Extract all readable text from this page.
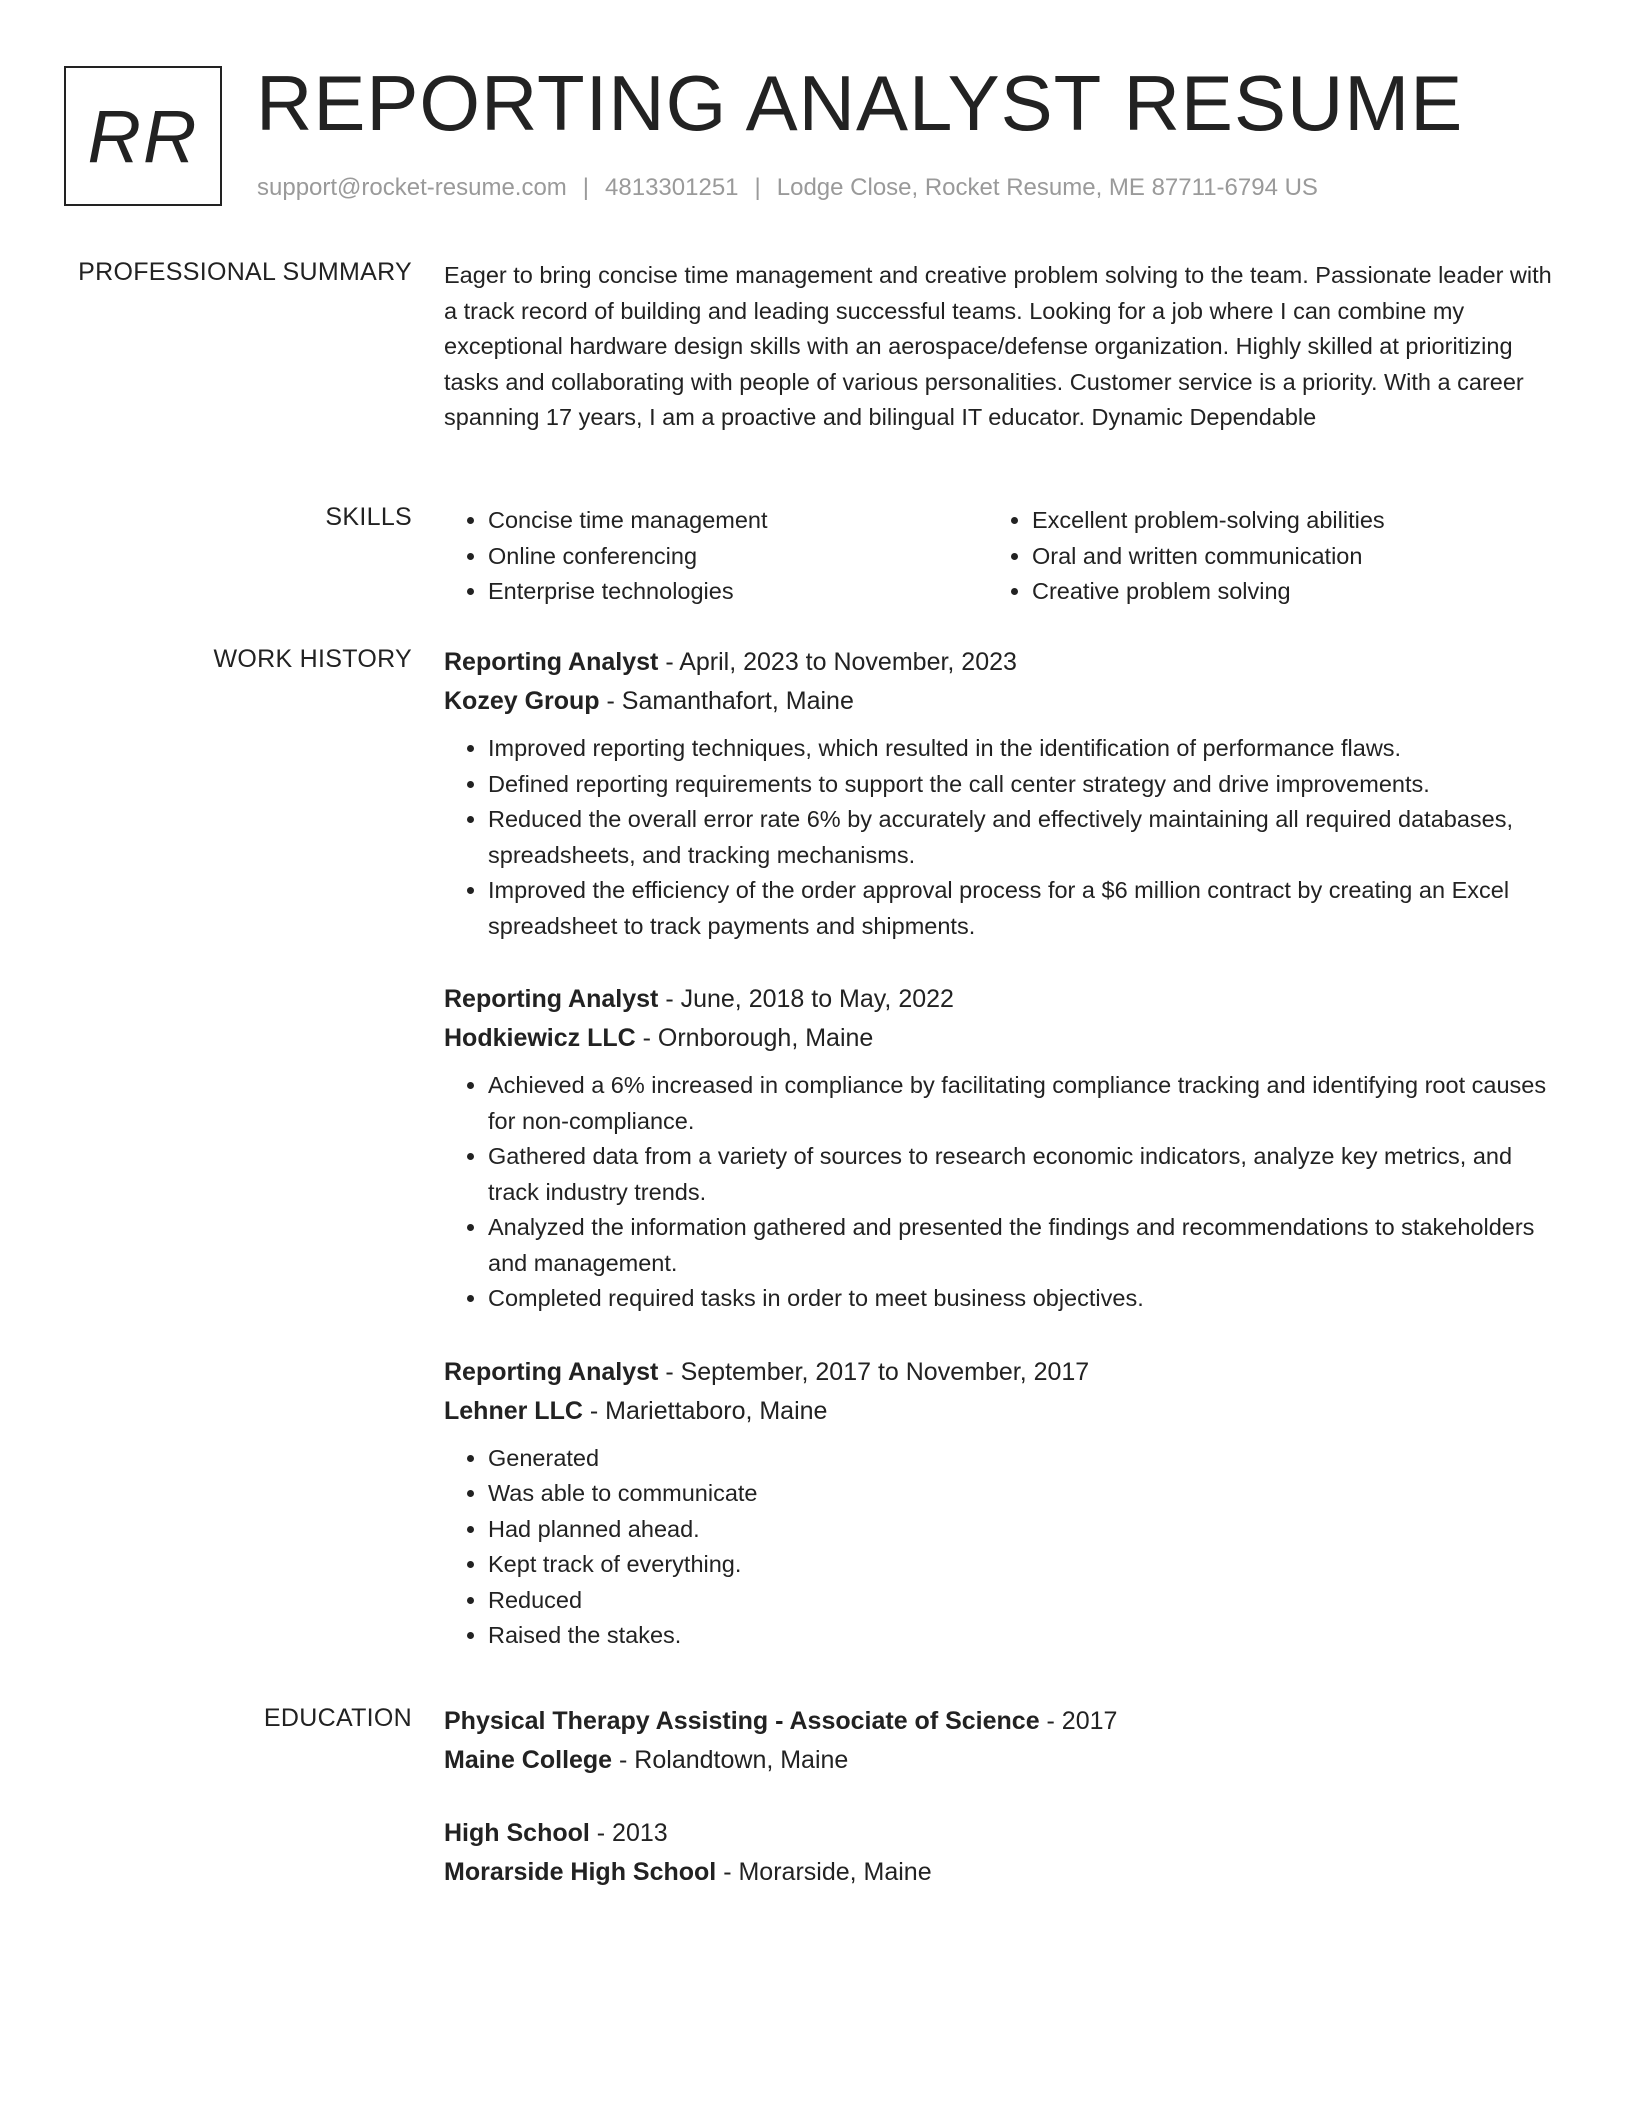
RR REPORTING ANALYST RESUME
support@rocket-resume.com | 4813301251 | Lodge Close, Rocket Resume, ME 87711-6794 US
PROFESSIONAL SUMMARY Eager to bring concise time management and creative problem solving to the team. Passionate leader with a track record of building and leading successful teams. Looking for a job where I can combine my exceptional hardware design skills with an aerospace/defense organization. Highly skilled at prioritizing tasks and collaborating with people of various personalities. Customer service is a priority. With a career spanning 17 years, I am a proactive and bilingual IT educator. Dynamic Dependable

SKILLS
•	Concise time management
• Online conferencing
• Enterprise technologies
• Excellent problem-solving abilities
• Oral and written communication
• Creative problem solving
WORK HISTORY Reporting Analyst - April, 2023 to November, 2023
Kozey Group - Samanthafort, Maine
• Improved reporting techniques, which resulted in the identification of performance flaws.
• Defined reporting requirements to support the call center strategy and drive improvements.
• Reduced the overall error rate 6% by accurately and effectively maintaining all required databases, spreadsheets, and tracking mechanisms.
• Improved the efficiency of the order approval process for a $6 million contract by creating an Excel spreadsheet to track payments and shipments.
Reporting Analyst - June, 2018 to May, 2022
Hodkiewicz LLC - Ornborough, Maine
• Achieved a 6% increased in compliance by facilitating compliance tracking and identifying root causes for non-compliance.
• Gathered data from a variety of sources to research economic indicators, analyze key metrics, and track industry trends.
• Analyzed the information gathered and presented the findings and recommendations to stakeholders and management.
• Completed required tasks in order to meet business objectives.
Reporting Analyst - September, 2017 to November, 2017
Lehner LLC - Mariettaboro, Maine
• Generated
• Was able to communicate
• Had planned ahead.
• Kept track of everything.
• Reduced
• Raised the stakes.
EDUCATION Physical Therapy Assisting - Associate of Science - 2017
Maine College - Rolandtown, Maine
High School - 2013
Morarside High School - Morarside, Maine
